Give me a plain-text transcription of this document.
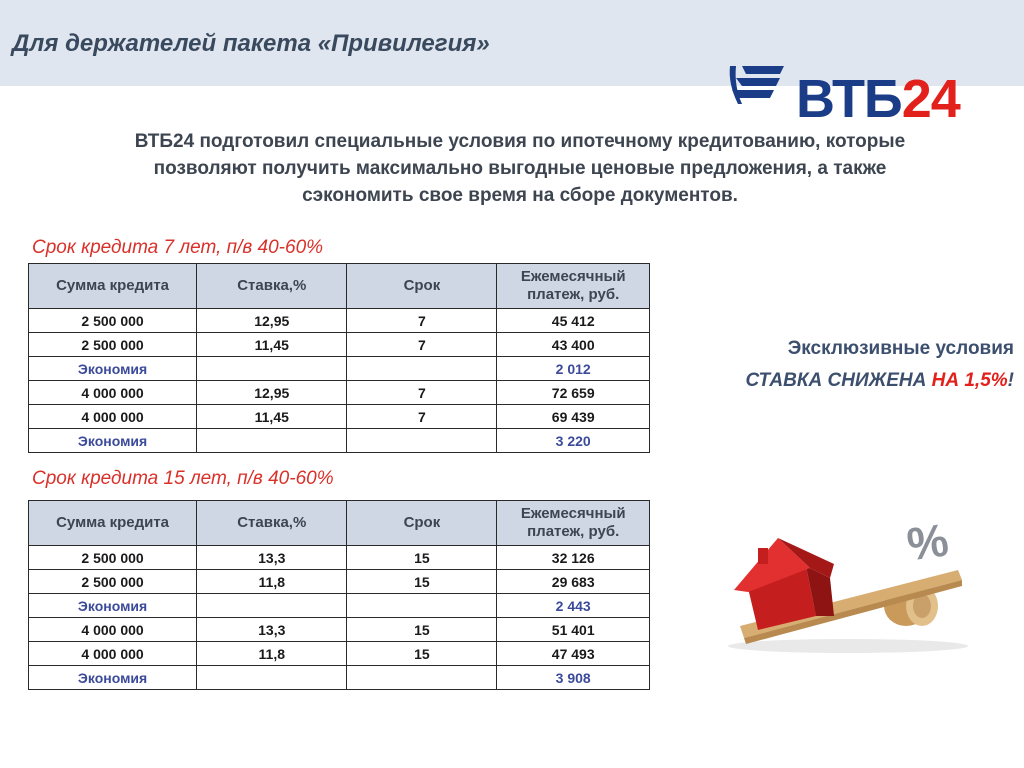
Для держателей пакета «Привилегия»
ВТБ24
ВТБ24 подготовил специальные условия по ипотечному кредитованию, которые
позволяют получить максимально выгодные ценовые предложения, а также
сэкономить свое время на сборе документов.
Срок кредита 7 лет, п/в 40-60%
Сумма кредита	Ставка,%	Срок	Ежемесячный
платеж, руб.

2 500 000	12,95	7	45 412
2 500 000	11,45	7	43 400
Экономия			2 012
4 000 000	12,95	7	72 659
4 000 000	11,45	7	69 439
Экономия			3 220
Срок кредита 15 лет, п/в 40-60%
Сумма кредита	Ставка,%	Срок	Ежемесячный
платеж, руб.

2 500 000	13,3	15	32 126
2 500 000	11,8	15	29 683
Экономия			2 443
4 000 000	13,3	15	51 401
4 000 000	11,8	15	47 493
Экономия			3 908
Эксклюзивные условия
СТАВКА СНИЖЕНА НА 1,5%!
%
